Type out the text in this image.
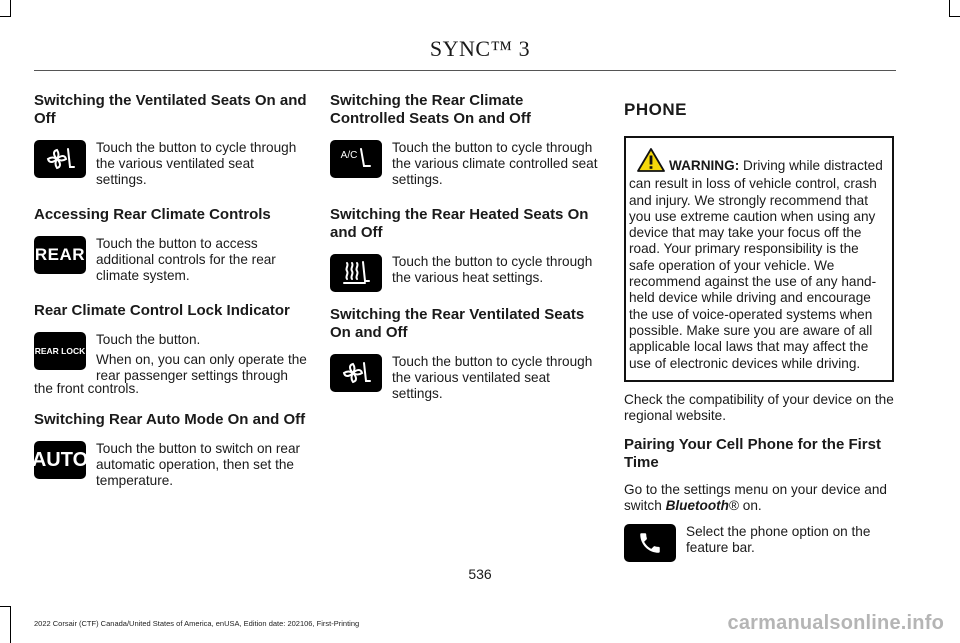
SYNC™ 3
Switching the Ventilated Seats On and Off

Touch the button to cycle through the various ventilated seat settings.

Accessing Rear Climate Controls
REAR

Touch the button to access additional controls for the rear climate system.

Rear Climate Control Lock Indicator
REAR LOCK

Touch the button.

When on, you can only operate the rear passenger settings through

the front controls.
Switching Rear Auto Mode On and Off
AUTO Touch the button to switch on rear automatic operation, then set the temperature.

Switching the Rear Climate Controlled Seats On and Off
A/C	Touch the button to cycle through the various climate controlled seat settings.

Switching the Rear Heated Seats On and Off

Touch the button to cycle through the various heat settings.

Switching the Rear Ventilated Seats On and Off

Touch the button to cycle through the various ventilated seat settings.

PHONE
WARNING: Driving while distracted can result in loss of vehicle control, crash and injury. We strongly recommend that you use extreme caution when using any device that may take your focus off the road. Your primary responsibility is the safe operation of your vehicle. We recommend against the use of any hand-held device while driving and encourage the use of voice-operated systems when possible. Make sure you are aware of all applicable local laws that may affect the use of electronic devices while driving.

Check the compatibility of your device on the regional website.

Pairing Your Cell Phone for the First Time

Go to the settings menu on your device and switch Bluetooth® on.

Select the phone option on the feature bar.

536
2022 Corsair (CTF) Canada/United States of America, enUSA, Edition date: 202106, First-Printing	carmanualsonline.info
